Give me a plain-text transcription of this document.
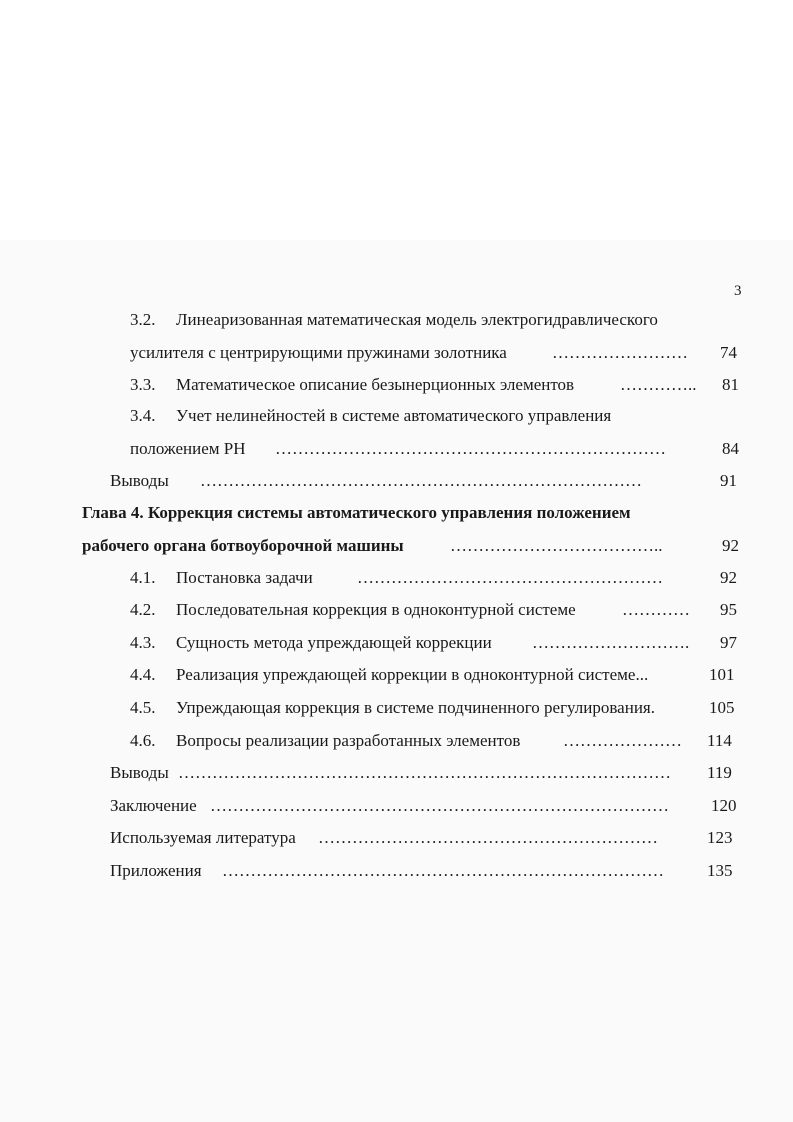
3
3.2. Линеаризованная математическая модель электрогидравлического
усилителя с центрирующими пружинами золотника	…………………… 74
3.3. Математическое описание безынерционных элементов	………….. 81
3.4. Учет нелинейностей в системе автоматического управления
положением РН ……………………………………………………………	84
Выводы ……………………………………………………………………	91
Глава 4. Коррекция системы автоматического управления положением
рабочего органа ботвоуборочной машины	………………………………..	92
4.1. Постановка задачи	………………………………………………	92
4.2. Последовательная коррекция в одноконтурной системе	………… 95
4.3. Сущность метода упреждающей коррекции ………………………. 97
4.4. Реализация упреждающей коррекции в одноконтурной системе...	101
4.5. Упреждающая коррекция в системе подчиненного регулирования.	105
4.6. Вопросы реализации разработанных элементов	………………… 114
Выводы …………………………………………………………………………… 119
Заключение ……………………………………………………………………… 120
Используемая литература ……………………………………………………	123
Приложения ……………………………………………………………………	135
